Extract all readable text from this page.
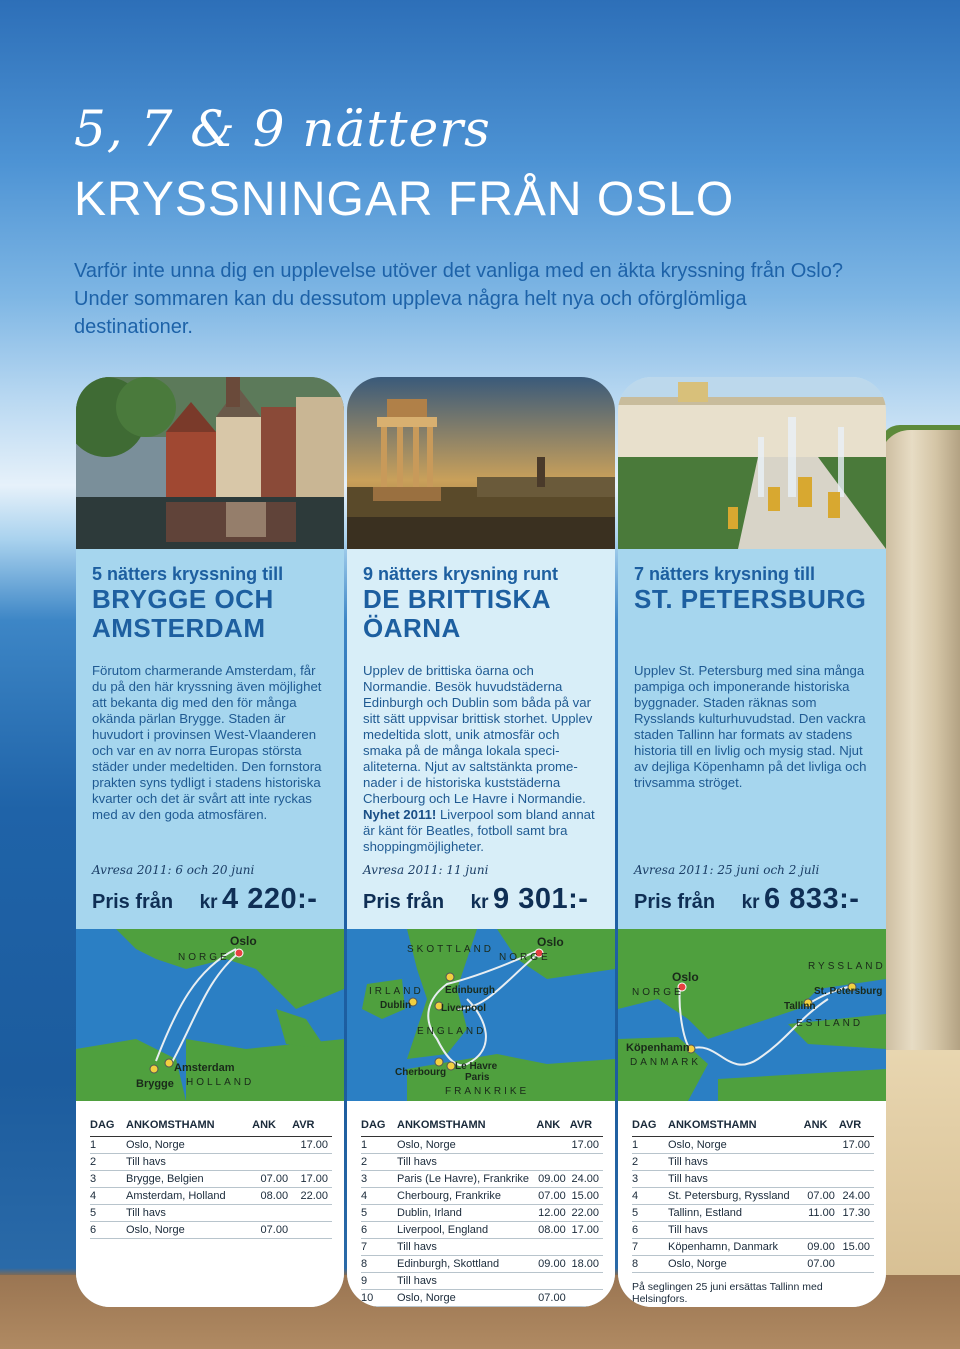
5, 7 & 9 nätters
KRYSSNINGAR FRÅN OSLO
Varför inte unna dig en upplevelse utöver det vanliga med en äkta kryssning från Oslo? Under sommaren kan du dessutom uppleva några helt nya och oförglömliga destinationer.
5 nätters kryssning till
BRYGGE OCH AMSTERDAM
Förutom charmerande Amsterdam, får du på den här kryssning även möjlighet att bekanta dig med den för många okända pärlan Brygge. Staden är huvudort i provinsen West-Vlaanderen och var en av norra Europas största städer under medeltiden. Den fornstora prakten syns tydligt i stadens historiska kvarter och det är svårt att inte ryckas med av den goda atmosfären.
Avresa 2011: 6 och 20 juni
Pris från kr 4 220:-
Oslo
NORGE
Amsterdam
Brygge HOLLAND
DAG	ANKOMSTHAMN	ANK	AVR
1	Oslo, Norge		17.00
2	Till havs		
3	Brygge, Belgien	07.00	17.00
4	Amsterdam, Holland	08.00	22.00
5	Till havs		
6	Oslo, Norge	07.00	
9 nätters krysning runt
DE BRITTISKA ÖARNA
Upplev de brittiska öarna och Normandie. Besök huvudstäderna Edinburgh och Dublin som båda på var sitt sätt uppvisar brittisk storhet. Upplev medeltida slott, unik atmosfär och smaka på de många lokala specialiteterna. Njut av saltstänkta promenader i de historiska kuststäderna Cherbourg och Le Havre i Normandie. Nyhet 2011! Liverpool som bland annat är känt för Beatles, fotboll samt bra shoppingmöjligheter.
Avresa 2011: 11 juni
Pris från kr 9 301:-
SKOTTLAND
Oslo
NORGE
IRLAND Edinburgh
Dublin	Liverpool
ENGLAND
Cherbourg
Le Havre
Paris
FRANKRIKE
DAG	ANKOMSTHAMN	ANK	AVR
1	Oslo, Norge		17.00
2	Till havs		
3	Paris (Le Havre), Frankrike	09.00	24.00
4	Cherbourg, Frankrike	07.00	15.00
5	Dublin, Irland	12.00	22.00
6	Liverpool, England	08.00	17.00
7	Till havs		
8	Edinburgh, Skottland	09.00	18.00
9	Till havs		
10	Oslo, Norge	07.00	
7 nätters krysning till
ST. PETERSBURG
Upplev St. Petersburg med sina många pampiga och imponerande historiska byggnader. Staden räknas som Rysslands kulturhuvudstad. Den vackra staden Tallinn har formats av stadens historia till en livlig och mysig stad. Njut av dejliga Köpenhamn på det livliga och trivsamma ströget.
Avresa 2011: 25 juni och 2 juli
Pris från kr 6 833:-
RYSSLAND
Oslo
NORGE	St. Petersburg
Tallinn
ESTLAND
Köpenhamn
DANMARK
DAG	ANKOMSTHAMN	ANK	AVR
1	Oslo, Norge		17.00
2	Till havs		
3	Till havs		
4	St. Petersburg, Ryssland	07.00	24.00
5	Tallinn, Estland	11.00	17.30
6	Till havs		
7	Köpenhamn, Danmark	09.00	15.00
8	Oslo, Norge	07.00	
På seglingen 25 juni ersättas Tallinn med Helsingfors.
